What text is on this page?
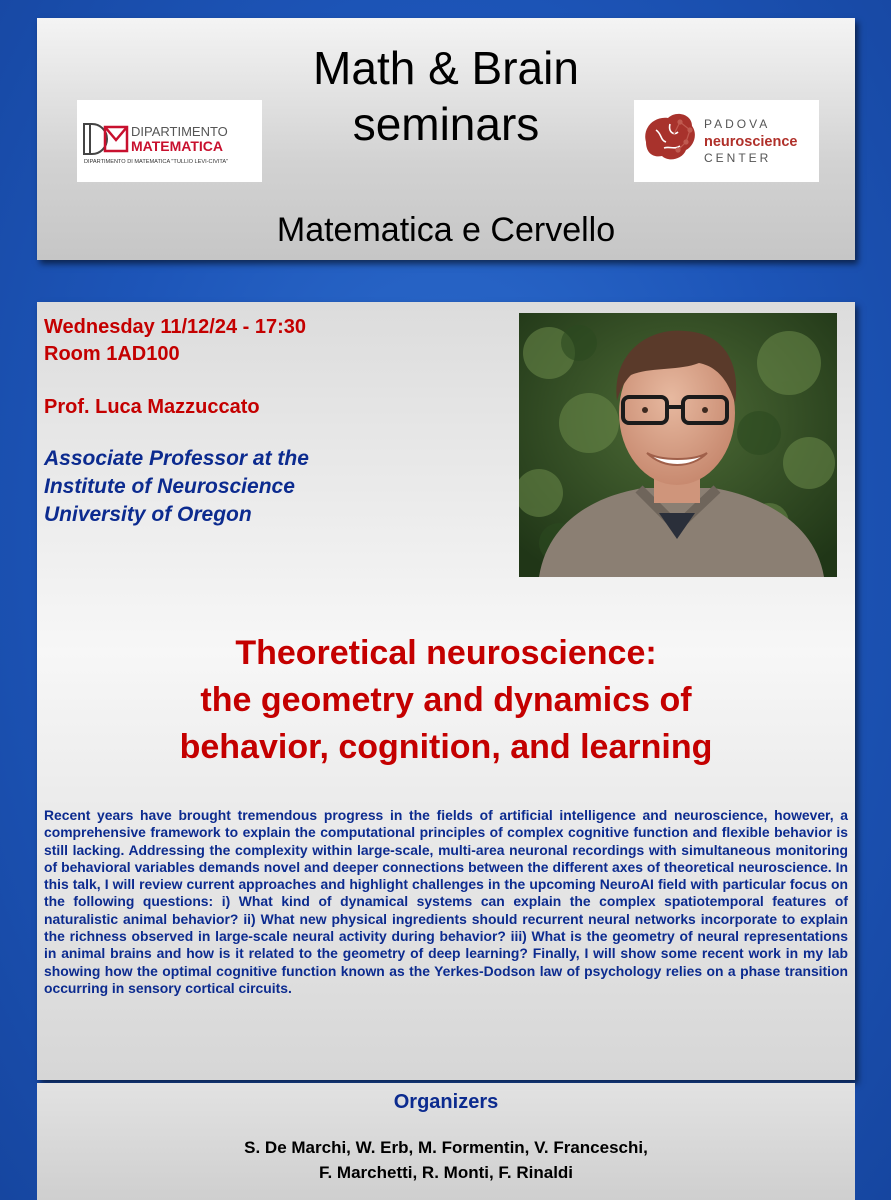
Math & Brain
seminars
DIPARTIMENTO
MATEMATICA
DIPARTIMENTO DI MATEMATICA "TULLIO LEVI-CIVITA"
PADOVA
neuroscience
CENTER
Matematica e Cervello
Wednesday 11/12/24 - 17:30
Room 1AD100
Prof. Luca Mazzuccato
Associate Professor at the
Institute of Neuroscience
University of Oregon
Theoretical neuroscience:
the geometry and dynamics of
behavior, cognition, and learning
Recent years have brought tremendous progress in the fields of artificial intelligence and neuroscience, however, a comprehensive framework to explain the computational principles of complex cognitive function and flexible behavior is still lacking. Addressing the complexity within large-scale, multi-area neuronal recordings with simultaneous monitoring of behavioral variables demands novel and deeper connections between the different axes of theoretical neuroscience. In this talk, I will review current approaches and highlight challenges in the upcoming NeuroAI field with particular focus on the following questions: i) What kind of dynamical systems can explain the complex spatiotemporal features of naturalistic animal behavior? ii) What new physical ingredients should recurrent neural networks incorporate to explain the richness observed in large-scale neural activity during behavior? iii) What is the geometry of neural representations in animal brains and how is it related to the geometry of deep learning? Finally, I will show some recent work in my lab showing how the optimal cognitive function known as the Yerkes-Dodson law of psychology relies on a phase transition occurring in sensory cortical circuits.
Organizers
S. De Marchi, W. Erb, M. Formentin, V. Franceschi,
F. Marchetti, R. Monti, F. Rinaldi
